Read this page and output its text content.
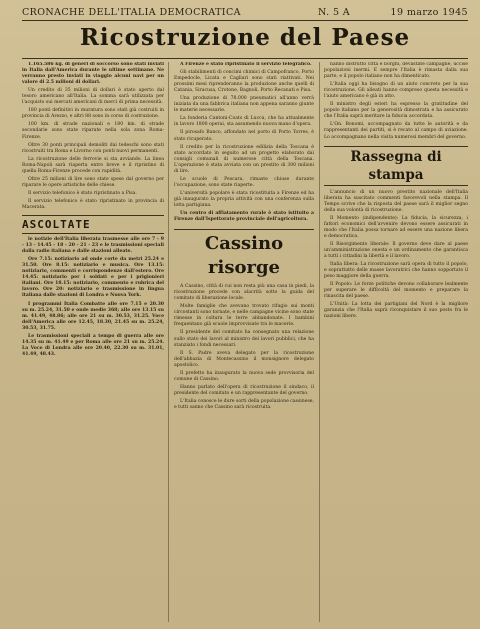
CRONACHE DELL'ITALIA DEMOCRATICA	N. 5 A	19 marzo 1945
Ricostruzione del Paese

1.165.586 kg. di generi di soccorso sono stati inviati in Italia dall'America durante le ultime settimane. Ne verranno presto inviati in viaggio alcuni navi per un valore di 2.5 milioni di dollari.

Un credito di 35 milioni di dollari è stato aperto dal tesoro americano all'Italia. La somma sarà utilizzata per l'acquisto sui mercati americani di merci di prima necessità.

180 ponti definitivi in muratura sono stati già costruiti in provincia di Arezzo, e altri 88 sono in corso di costruzione.

100 km. di strade nazionali e 180 km. di strade secondarie sono state riparate nella sola zona Roma-Firenze.

Oltre 30 ponti principali demoliti dai tedeschi sono stati ricostruiti tra Roma e Livorno con ponti nuovi permanenti.

La ricostruzione delle ferrovie si sta avviando. La linea Roma-Napoli sarà riaperta entro breve e il ripristino di quella Roma-Firenze procede con rapidità.

Oltre 25 milioni di lire sono state spese dal governo per riparare le opere artistiche delle chiese.

Il servizio telefonico è stato ripristinato a Pisa.

Il servizio telefonico è stato ripristinato in provincia di Macerata.

ASCOLTATE

le notizie dell'Italia liberata trasmesse alle ore 7 - 9 - 13 - 14.45 - 18 - 20 - 21 - 23 e le trasmissioni speciali dalla radio italiana e dalle stazioni alleate.

Ore 7.15: notiziario ad onde corte da metri 25.24 e 31.50. Ore 8.15: notiziario e musica. Ore 13.15: notiziario, commenti e corrispondenze dall'estero. Ore 14.45: notiziario per i soldati e per i prigionieri italiani. Ore 18.15: notiziario, commento e rubrica del lavoro. Ore 20: notiziario e trasmissione in lingua italiana dalle stazioni di Londra e Nuova York.

I programmi Italia Combatte alle ore 7.15 e 20.30 su m. 25.24, 31.50 e onde medie 368; alle ore 13.15 su m. 41.49, 48.86; alle ore 21 su m. 30.53, 31.25. Voce dell'America alle ore 12.45, 18.30, 21.45 su m. 25.24, 30.53, 31.75.

Le trasmissioni speciali a tempo di guerra alle ore 14.35 su m. 41.49 e per Roma alle ore 21 su m. 25.24. La Voce di Londra alle ore 20.40, 22.30 su m. 31.01, 41.49, 48.43.

A Firenze è stato ripristinato il servizio telegrafico.

Gli stabilimenti di concimi chimici di Campofranco, Porto Empedocle, Licata e Cagliari sono stati riattivati. Nei prossimi mesi riprenderanno la produzione anche quelli di Catania, Siracusa, Crotone, Bagnoli, Porto Recanati e Pisa.

Una produzione di 78.000 pneumatici all'anno verrà iniziata da una fabbrica italiana non appena saranno giunte le materie necessarie.

La fonderia Cantoni-Coats di Lucca, che ha attualmente in lavoro 1800 operai, sta assumendo nuova mano d'opera.

Il pirosafo Banco, affondato nel porto di Porto Torres, è stato ricuperato.

Il credito per la ricostruzione edilizia della Toscana è stato accordato in seguito ad un progetto elaborato dai consigli comunali di numerose città della Toscana. L'operazione è stata avviata con un prestito di 300 milioni di lire.

Le scuole di Pescara, rimaste chiuse durante l'occupazione, sono state riaperte.

L'università popolare è stata ricostituita a Firenze ed ha già inaugurato la propria attività con una conferenza sulla lotta partigiana.

Un centro di affiatamento rurale è stato istituito a Firenze dall'Ispettorato provinciale dell'agricoltura.

Cassino risorge

A Cassino, città di cui non resta più una casa in piedi, la ricostruzione procede con alacrità sotto la guida del comitato di liberazione locale.

Molte famiglie che avevano trovato rifugio sui monti circostanti sono tornate, e nelle campagne vicine sono state rimesse in coltura le terre abbandonate. I bambini frequentano già scuole improvvisate tra le macerie.

Il presidente del comitato ha consegnato una relazione sullo stato dei lavori al ministro dei lavori pubblici, che ha stanziato i fondi necessari.

Il S. Padre aveva delegato per la ricostruzione dell'abbazia di Montecassino il monsignore delegato apostolico.

Il prefetto ha inaugurato la nuova sede provvisoria del comune di Cassino.

Hanno parlato dell'opera di ricostruzione il sindaco, il presidente del comitato e un rappresentante del governo.

L'Italia conosce le dure sorti della popolazione cassinese, e tutti sanno che Cassino sarà ricostruita.

hanno distrutto città e borghi, devastate campagne, uccise popolazioni inermi. E sempre l'Italia è rimasta dalla sua parte, e il popolo italiano non ha dimenticato.

L'Italia oggi ha bisogno di un aiuto concreto per la sua ricostruzione. Gli alleati hanno compreso questa necessità e l'aiuto americano è già in atto.

Il ministro degli esteri ha espresso la gratitudine del popolo italiano per la generosità dimostrata e ha assicurato che l'Italia saprà meritare la fiducia accordata.

L'On. Bonomi, accompagnato da tutte le autorità e da rappresentanti dei partiti, si è recato al campo di aviazione. Lo accompagnano nella visita numerosi membri del governo.

Rassegna di stampa

L'annuncio di un nuovo prestito nazionale dell'Italia liberata ha suscitato commenti favorevoli nella stampa. Il Tempo scrive che la risposta del paese sarà il miglior segno della sua volontà di ricostruzione.

Il Momento (indipendente): La fiducia, la sicurezza, i fattori economici dell'avvenire devono essere assicurati in modo che l'Italia possa tornare ad essere una nazione libera e democratica.

Il Risorgimento liberale: Il governo deve dare al paese un'amministrazione onesta e un ordinamento che garantisca a tutti i cittadini la libertà e il lavoro.

Italia libera: La ricostruzione sarà opera di tutto il popolo, e soprattutto delle masse lavoratrici che hanno sopportato il peso maggiore della guerra.

Il Popolo: Le forze politiche devono collaborare lealmente per superare le difficoltà del momento e preparare la rinascita del paese.

L'Unità: La lotta dei partigiani del Nord è la migliore garanzia che l'Italia saprà riconquistare il suo posto fra le nazioni libere.
